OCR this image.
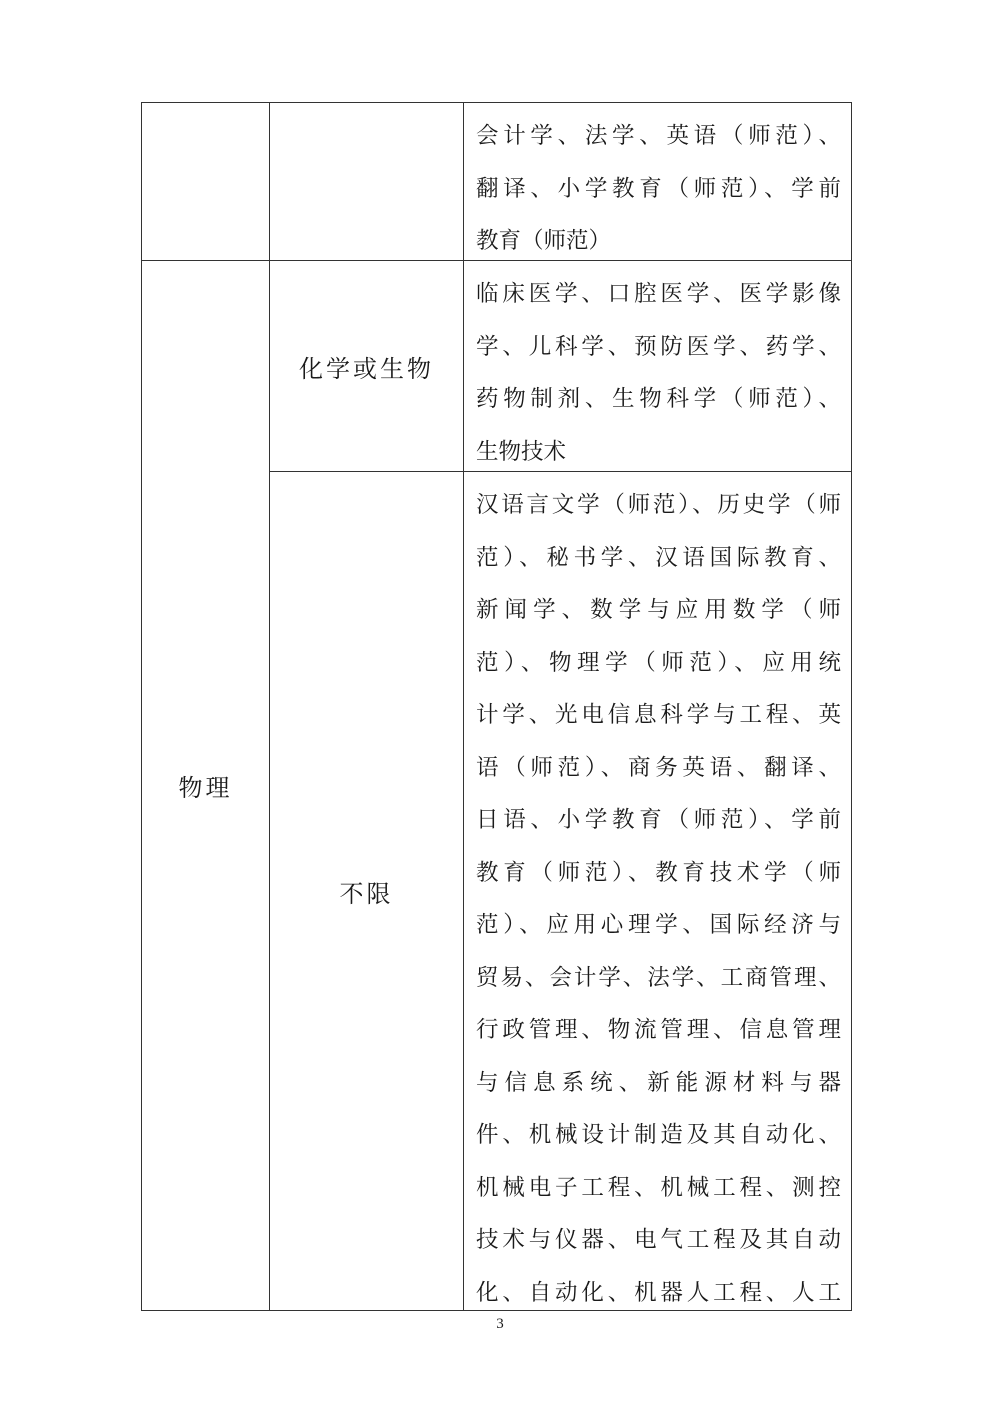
会计学、法学、英语（师范）、
翻译、小学教育（师范）、学前
教育（师范）
物理
化学或生物
临床医学、口腔医学、医学影像
学、儿科学、预防医学、药学、
药物制剂、生物科学（师范）、
生物技术
不限
汉语言文学（师范）、历史学（师
范）、秘书学、汉语国际教育、
新闻学、数学与应用数学（师
范）、物理学（师范）、应用统
计学、光电信息科学与工程、英
语（师范）、商务英语、翻译、
日语、小学教育（师范）、学前
教育（师范）、教育技术学（师
范）、应用心理学、国际经济与
贸易、会计学、法学、工商管理、
行政管理、物流管理、信息管理
与信息系统、新能源材料与器
件、机械设计制造及其自动化、
机械电子工程、机械工程、测控
技术与仪器、电气工程及其自动
化、自动化、机器人工程、人工
3
